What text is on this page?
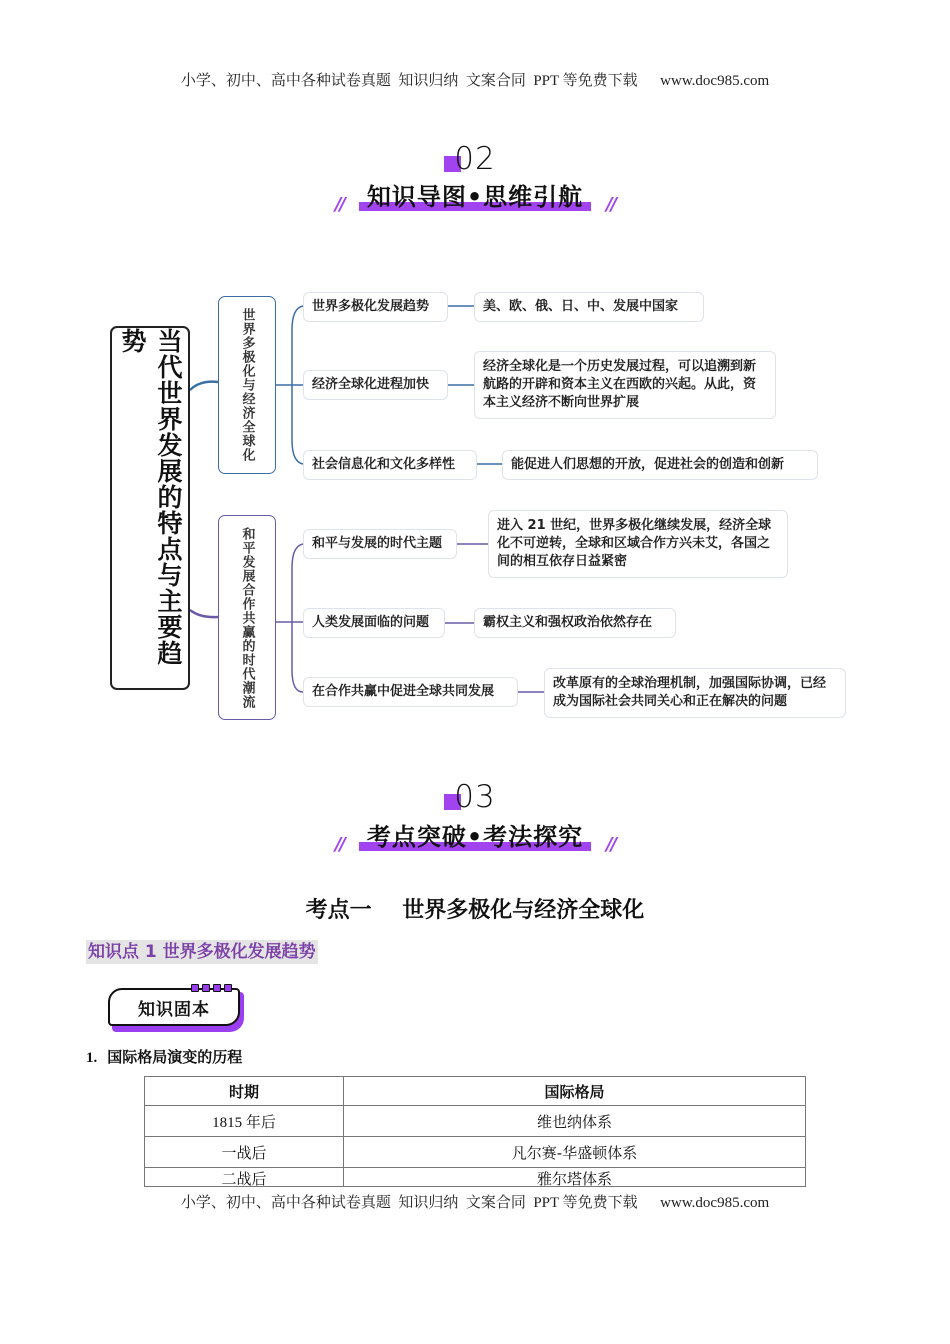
小学、初中、高中各种试卷真题  知识归纳  文案合同  PPT 等免费下载      www.doc985.com
02
// 知识导图•思维引航 //
当代世界发展的特点与主要趋势	世界多极化与经济全球化
和平发展合作共赢的时代潮流
世界多极化发展趋势	美、欧、俄、日、中、发展中国家
经济全球化进程加快
经济全球化是一个历史发展过程，可以追溯到新航路的开辟和资本主义在西欧的兴起。从此，资本主义经济不断向世界扩展
社会信息化和文化多样性	能促进人们思想的开放，促进社会的创造和创新
和平与发展的时代主题
进入 21 世纪，世界多极化继续发展，经济全球化不可逆转，全球和区域合作方兴未艾，各国之间的相互依存日益紧密
人类发展面临的问题	霸权主义和强权政治依然存在
在合作共赢中促进全球共同发展
改革原有的全球治理机制，加强国际协调，已经成为国际社会共同关心和正在解决的问题
03
// 考点突破•考法探究 //
考点一    世界多极化与经济全球化
知识点 1 世界多极化发展趋势
知识固本
1. 国际格局演变的历程
时期	国际格局
1815 年后	维也纳体系
一战后	凡尔赛-华盛顿体系

二战后	雅尔塔体系
小学、初中、高中各种试卷真题  知识归纳  文案合同  PPT 等免费下载      www.doc985.com
